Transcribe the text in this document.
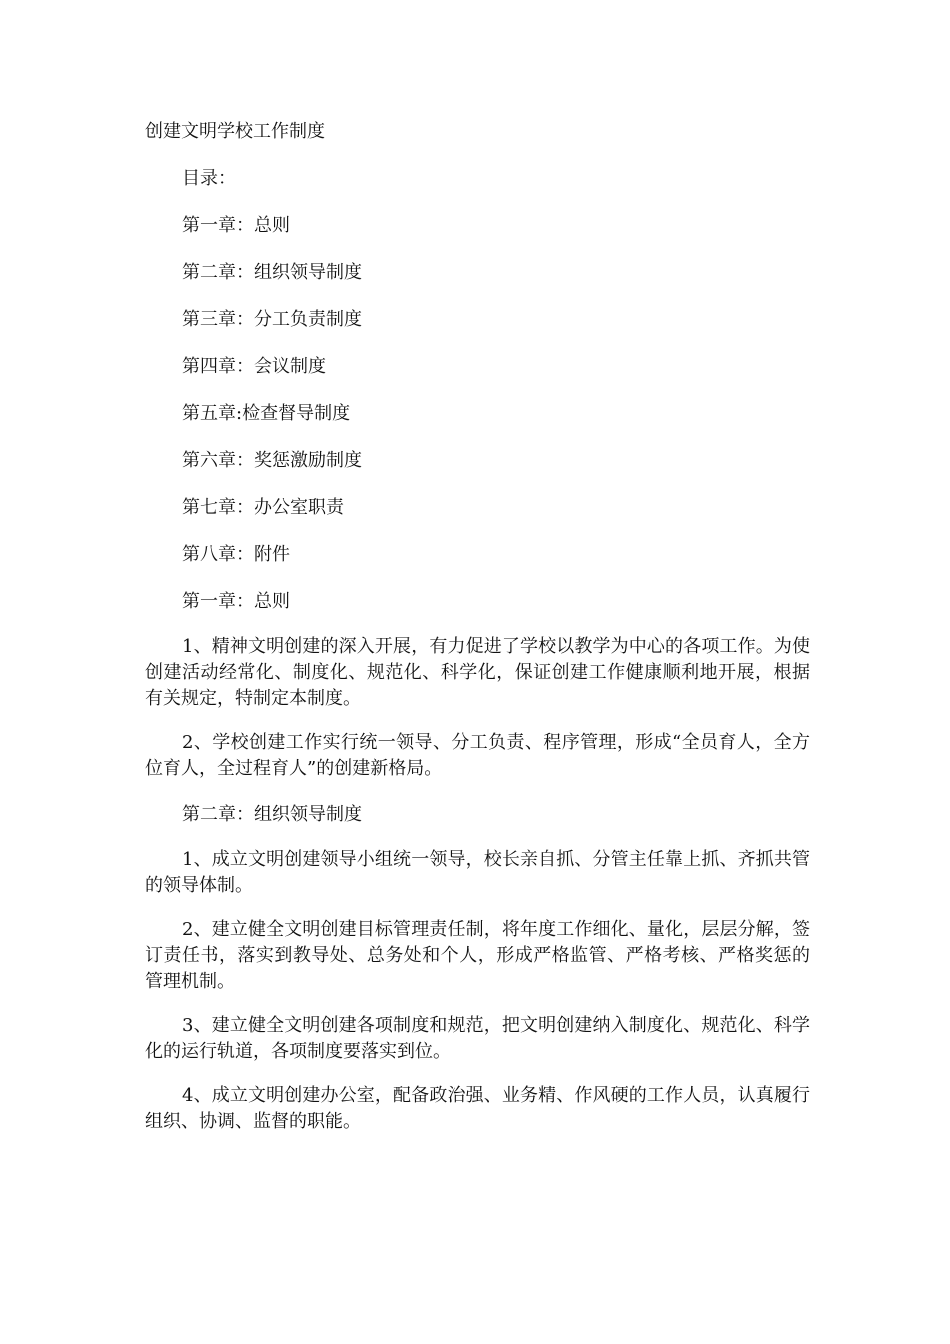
创建文明学校工作制度
目录：
第一章：总则
第二章：组织领导制度
第三章：分工负责制度
第四章：会议制度
第五章:检查督导制度
第六章：奖惩激励制度
第七章：办公室职责
第八章：附件
第一章：总则

1、精神文明创建的深入开展，有力促进了学校以教学为中心的各项工作。为使创建活动经常化、制度化、规范化、科学化，保证创建工作健康顺利地开展，根据有关规定，特制定本制度。

2、学校创建工作实行统一领导、分工负责、程序管理，形成“全员育人，全方位育人，全过程育人”的创建新格局。

第二章：组织领导制度

1、成立文明创建领导小组统一领导，校长亲自抓、分管主任靠上抓、齐抓共管的领导体制。

2、建立健全文明创建目标管理责任制，将年度工作细化、量化，层层分解，签订责任书，落实到教导处、总务处和个人，形成严格监管、严格考核、严格奖惩的管理机制。

3、建立健全文明创建各项制度和规范，把文明创建纳入制度化、规范化、科学化的运行轨道，各项制度要落实到位。

4、成立文明创建办公室，配备政治强、业务精、作风硬的工作人员，认真履行组织、协调、监督的职能。
